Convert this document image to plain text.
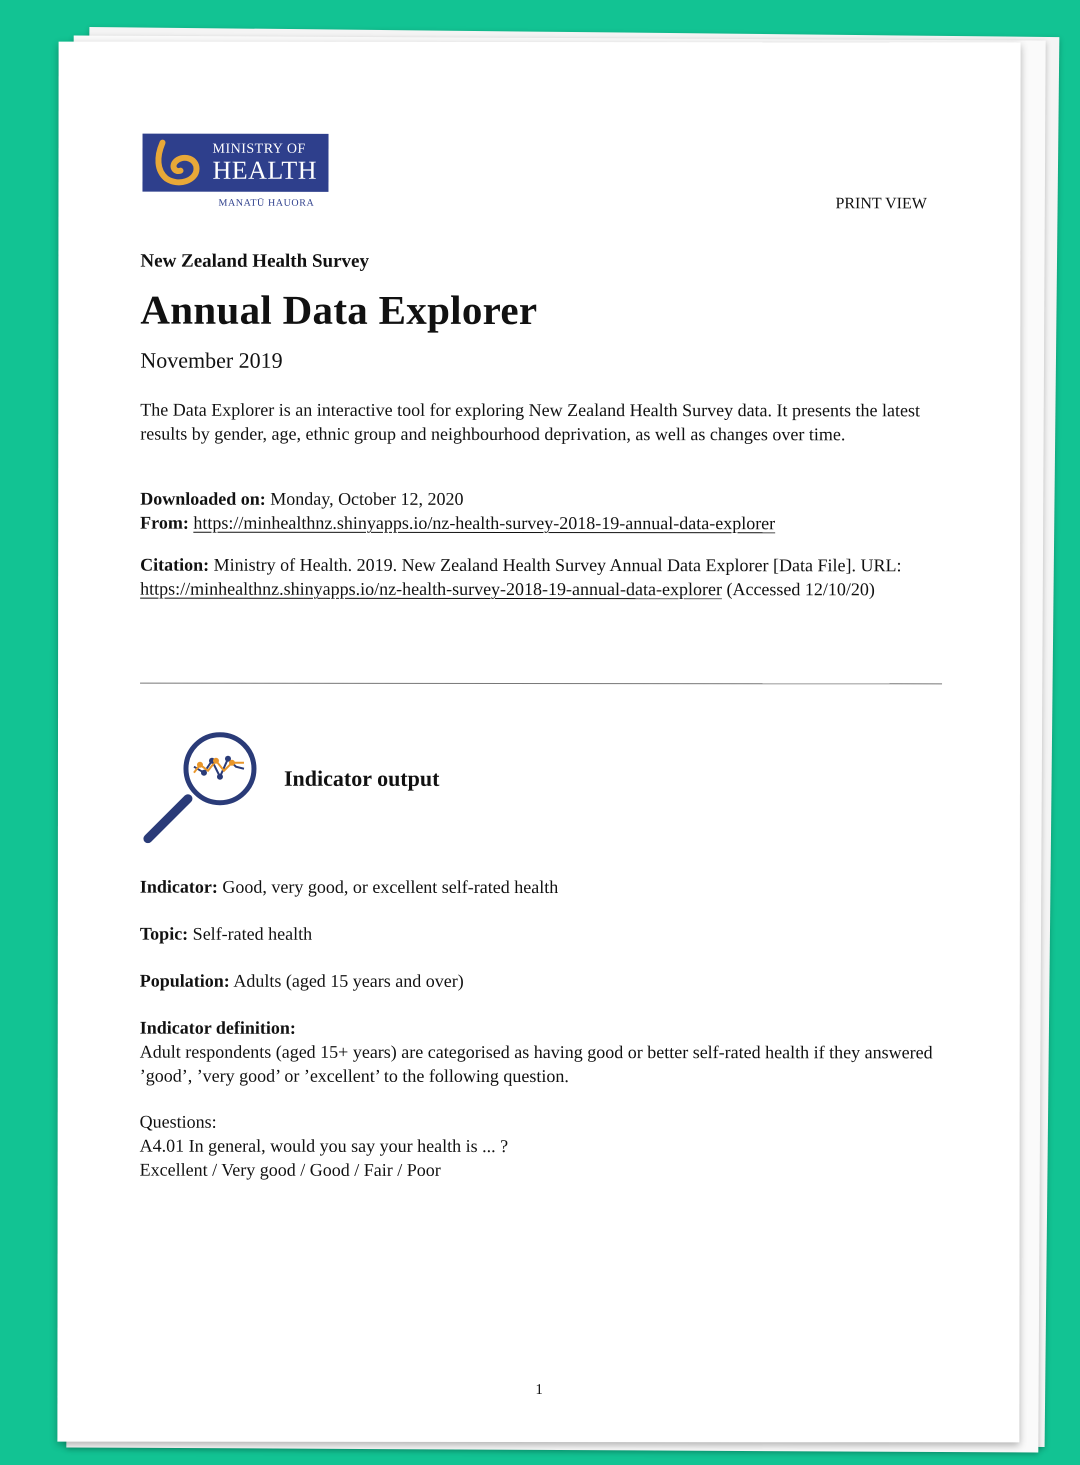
MINISTRY OF
HEALTH
MANATŪ HAUORA	PRINT VIEW
New Zealand Health Survey
Annual Data Explorer
November 2019
The Data Explorer is an interactive tool for exploring New Zealand Health Survey data. It presents the latest results by gender, age, ethnic group and neighbourhood deprivation, as well as changes over time.
Downloaded on: Monday, October 12, 2020
From: https://minhealthnz.shinyapps.io/nz-health-survey-2018-19-annual-data-explorer
Citation: Ministry of Health. 2019. New Zealand Health Survey Annual Data Explorer [Data File]. URL: https://minhealthnz.shinyapps.io/nz-health-survey-2018-19-annual-data-explorer (Accessed 12/10/20)
Indicator output
Indicator: Good, very good, or excellent self-rated health
Topic: Self-rated health
Population: Adults (aged 15 years and over)
Indicator definition:
Adult respondents (aged 15+ years) are categorised as having good or better self-rated health if they answered ’good’, ’very good’ or ’excellent’ to the following question.
Questions:
A4.01 In general, would you say your health is ... ?
Excellent / Very good / Good / Fair / Poor
1
